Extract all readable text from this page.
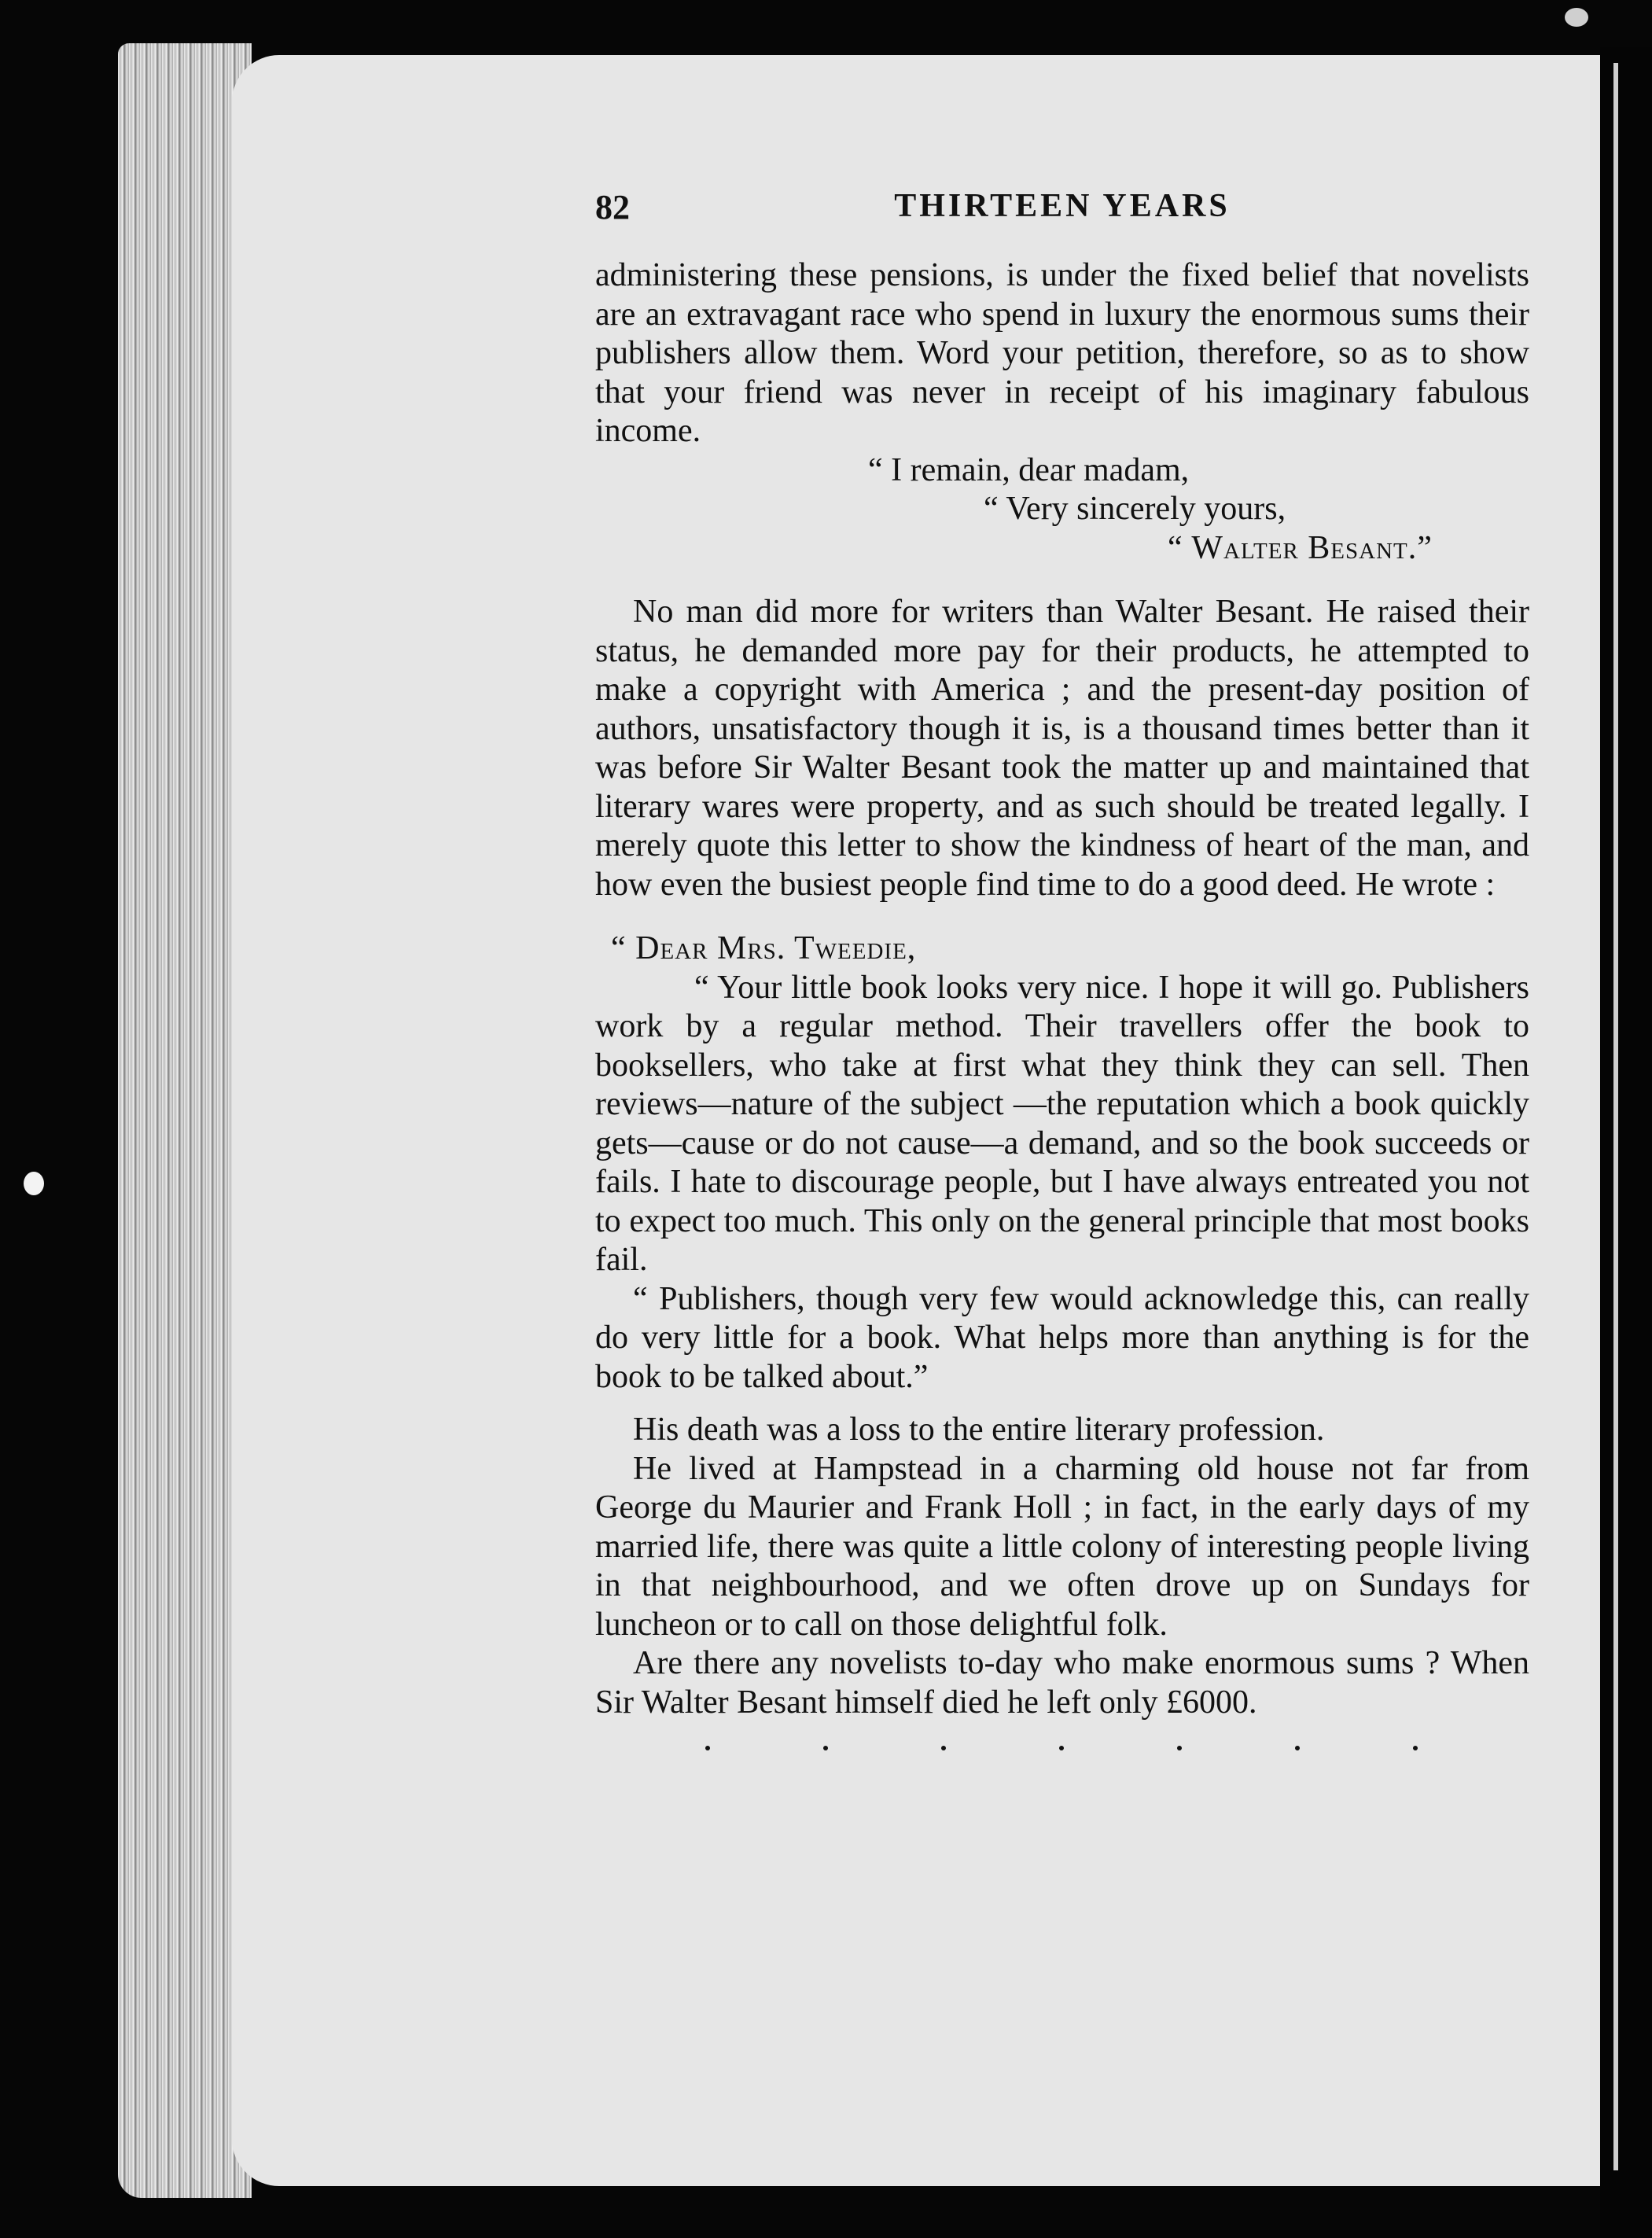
82	THIRTEEN YEARS

administering these pensions, is under the fixed belief that novelists are an extravagant race who spend in luxury the enormous sums their publishers allow them. Word your petition, therefore, so as to show that your friend was never in receipt of his imaginary fabulous income.

“ I remain, dear madam,

“ Very sincerely yours,

“ Walter Besant.”

No man did more for writers than Walter Besant. He raised their status, he demanded more pay for their products, he attempted to make a copyright with America ; and the present-day position of authors, unsatisfactory though it is, is a thousand times better than it was before Sir Walter Besant took the matter up and maintained that literary wares were property, and as such should be treated legally. I merely quote this letter to show the kindness of heart of the man, and how even the busiest people find time to do a good deed. He wrote :

“ Dear Mrs. Tweedie,

“ Your little book looks very nice. I hope it will go. Publishers work by a regular method. Their travellers offer the book to booksellers, who take at first what they think they can sell. Then reviews—nature of the subject —the reputation which a book quickly gets—cause or do not cause—a demand, and so the book succeeds or fails. I hate to discourage people, but I have always entreated you not to expect too much. This only on the general principle that most books fail.

“ Publishers, though very few would acknowledge this, can really do very little for a book. What helps more than anything is for the book to be talked about.”

His death was a loss to the entire literary profession.

He lived at Hampstead in a charming old house not far from George du Maurier and Frank Holl ; in fact, in the early days of my married life, there was quite a little colony of interesting people living in that neighbourhood, and we often drove up on Sundays for luncheon or to call on those delightful folk.

Are there any novelists to-day who make enormous sums ? When Sir Walter Besant himself died he left only £6000.
